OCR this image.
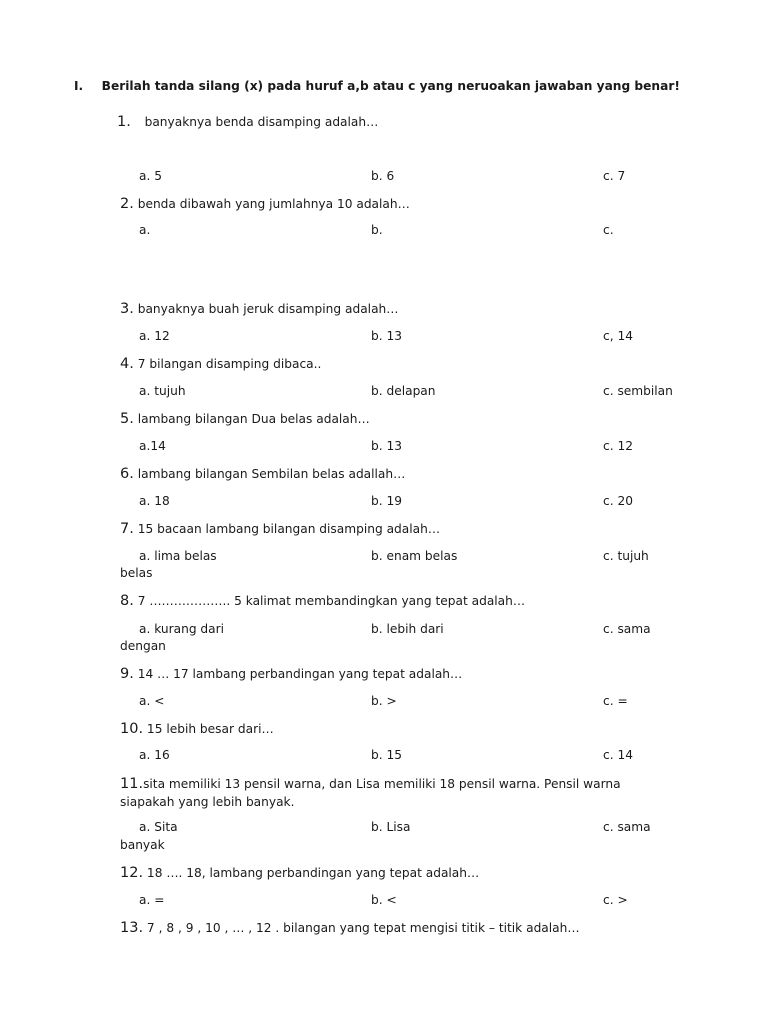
I. Berilah tanda silang (x) pada huruf a,b atau c yang neruoakan jawaban yang benar!
1. banyaknya benda disamping adalah…
a. 5	b. 6	c. 7
2. benda dibawah yang jumlahnya 10 adalah…
a.	b.	c.
3. banyaknya buah jeruk disamping adalah…
a. 12	b. 13	c, 14
4. 7 bilangan disamping dibaca..
a. tujuh	b. delapan	c. sembilan
5. lambang bilangan Dua belas adalah…
a.14	b. 13	c. 12
6. lambang bilangan Sembilan belas adallah…
a. 18	b. 19	c. 20
7. 15 bacaan lambang bilangan disamping adalah…
a. lima belas	b. enam belas	c. tujuh
belas
8. 7 ……………….. 5 kalimat membandingkan yang tepat adalah…
a. kurang dari	b. lebih dari	c. sama
dengan
9. 14 … 17 lambang perbandingan yang tepat adalah…
a. <	b. >	c. =
10. 15 lebih besar dari…
a. 16	b. 15	c. 14
11.sita memiliki 13 pensil warna, dan Lisa memiliki 18 pensil warna. Pensil warna
siapakah yang lebih banyak.
a. Sita	b. Lisa	c. sama
banyak
12. 18 …. 18, lambang perbandingan yang tepat adalah…
a. =	b. <	c. >
13. 7 , 8 , 9 , 10 , … , 12 . bilangan yang tepat mengisi titik – titik adalah…
